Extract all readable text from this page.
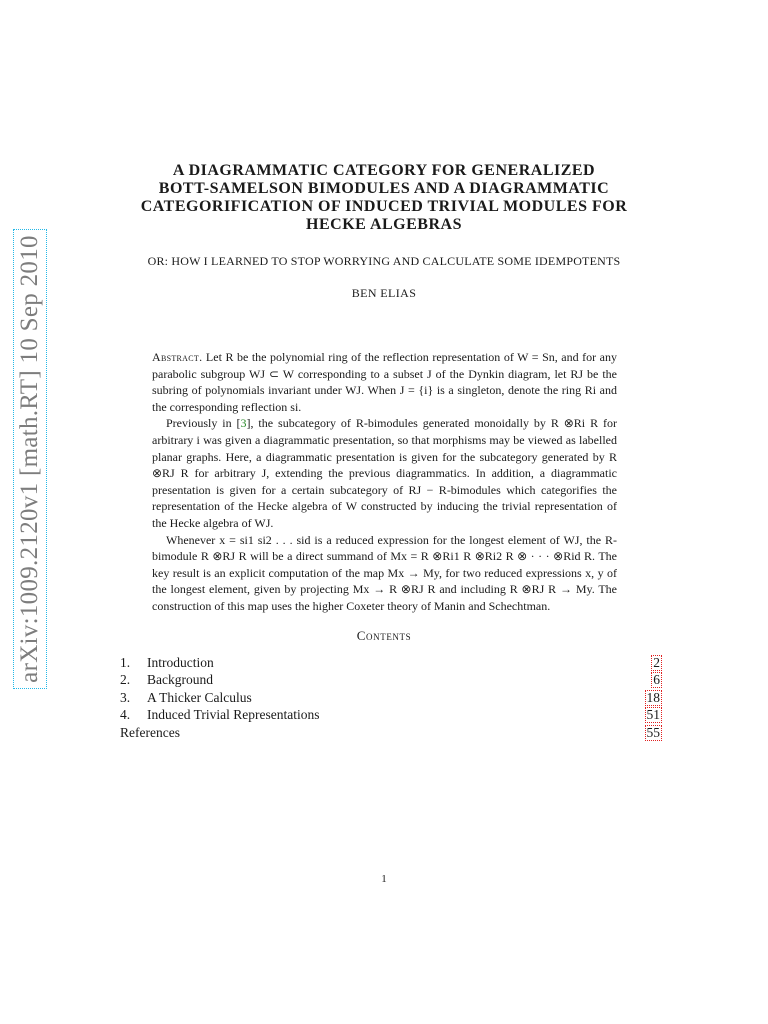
arXiv:1009.2120v1 [math.RT] 10 Sep 2010
A DIAGRAMMATIC CATEGORY FOR GENERALIZED
BOTT-SAMELSON BIMODULES AND A DIAGRAMMATIC
CATEGORIFICATION OF INDUCED TRIVIAL MODULES FOR
HECKE ALGEBRAS
OR: HOW I LEARNED TO STOP WORRYING AND CALCULATE SOME IDEMPOTENTS
BEN ELIAS

Abstract. Let R be the polynomial ring of the reflection representation of W = Sn, and for any parabolic subgroup WJ ⊂ W corresponding to a subset J of the Dynkin diagram, let RJ be the subring of polynomials invariant under WJ. When J = {i} is a singleton, denote the ring Ri and the corresponding reflection si.

Previously in [3], the subcategory of R-bimodules generated monoidally by R ⊗Ri R for arbitrary i was given a diagrammatic presentation, so that morphisms may be viewed as labelled planar graphs. Here, a diagrammatic presentation is given for the subcategory generated by R ⊗RJ R for arbitrary J, extending the previous diagrammatics. In addition, a diagrammatic presentation is given for a certain subcategory of RJ − R-bimodules which categorifies the representation of the Hecke algebra of W constructed by inducing the trivial representation of the Hecke algebra of WJ.

Whenever x = si1 si2 . . . sid is a reduced expression for the longest element of WJ, the R-bimodule R ⊗RJ R will be a direct summand of Mx = R ⊗Ri1 R ⊗Ri2 R ⊗ · · · ⊗Rid R. The key result is an explicit computation of the map Mx → My, for two reduced expressions x, y of the longest element, given by projecting Mx → R ⊗RJ R and including R ⊗RJ R → My. The construction of this map uses the higher Coxeter theory of Manin and Schechtman.

Contents
1.	Introduction	2
2.	Background	6
3.	A Thicker Calculus	18
4.	Induced Trivial Representations	51
References	55
1
